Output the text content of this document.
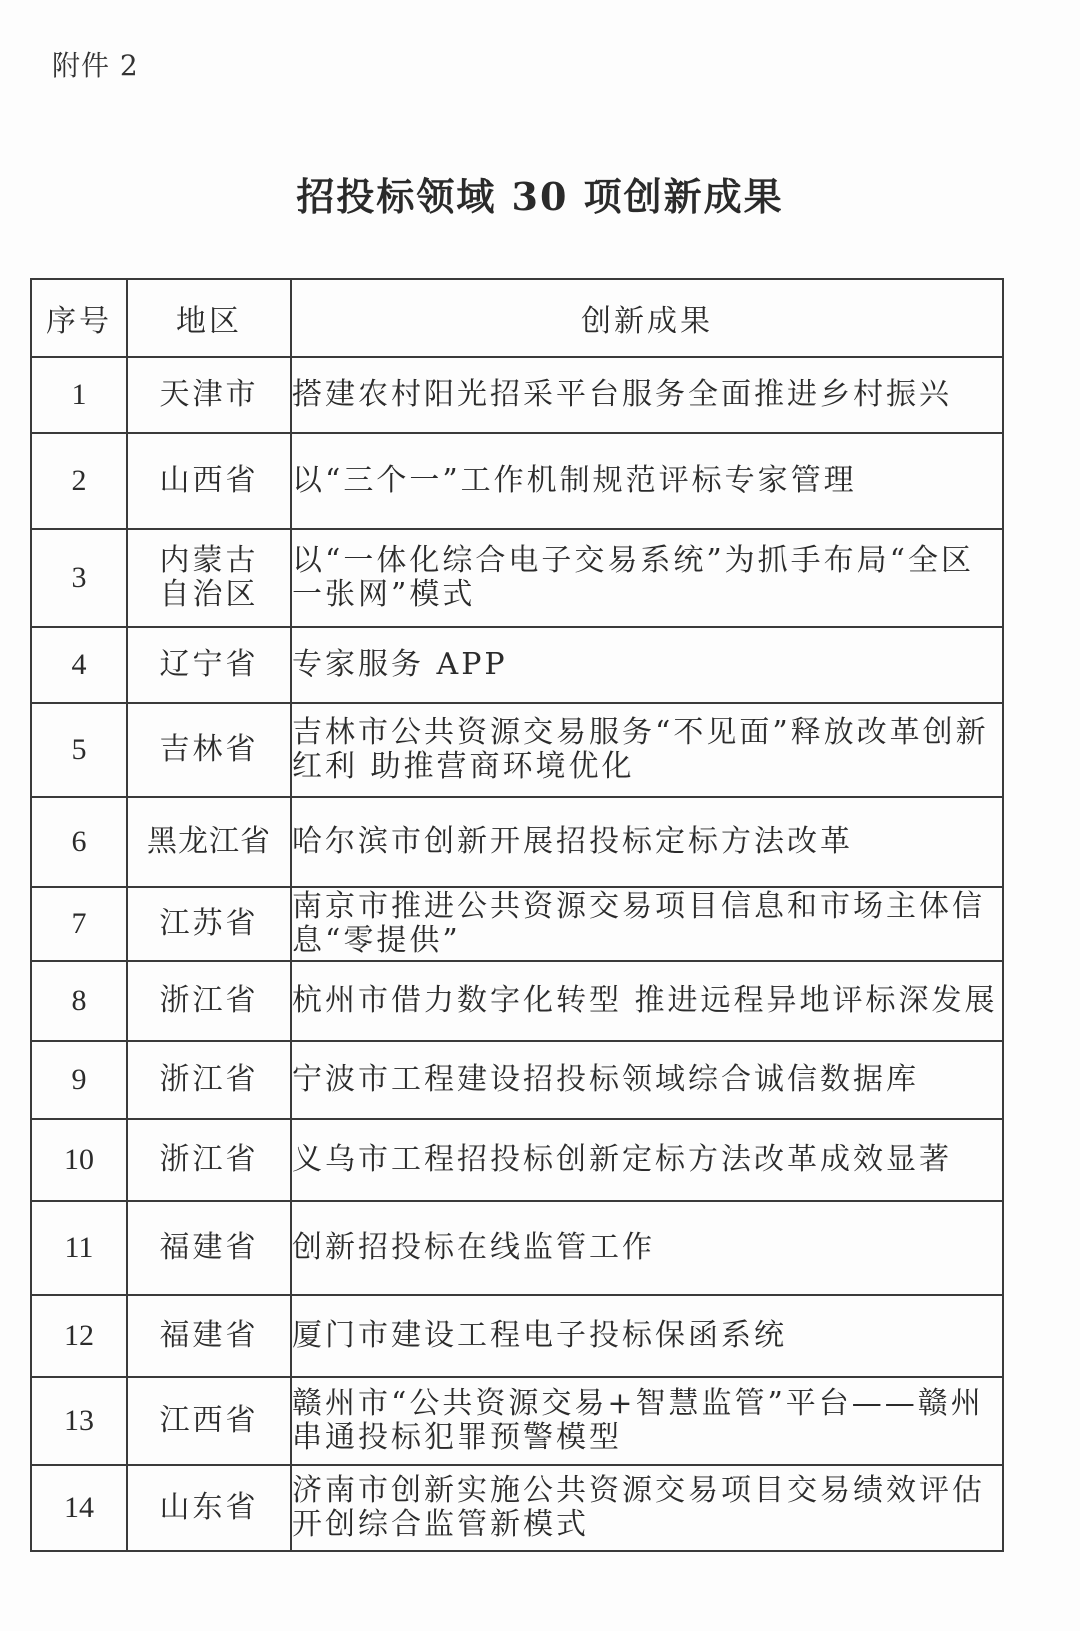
附件 2
招投标领域 30 项创新成果
序号	地区	创新成果
1	天津市	搭建农村阳光招采平台服务全面推进乡村振兴
2	山西省	以“三个一”工作机制规范评标专家管理
3	内蒙古自治区	以“一体化综合电子交易系统”为抓手布局“全区一张网”模式
4	辽宁省	专家服务 APP
5	吉林省	吉林市公共资源交易服务“不见面”释放改革创新红利 助推营商环境优化
6	黑龙江省	哈尔滨市创新开展招投标定标方法改革
7	江苏省	南京市推进公共资源交易项目信息和市场主体信息“零提供”
8	浙江省	杭州市借力数字化转型 推进远程异地评标深发展
9	浙江省	宁波市工程建设招投标领域综合诚信数据库
10	浙江省	义乌市工程招投标创新定标方法改革成效显著
11	福建省	创新招投标在线监管工作
12	福建省	厦门市建设工程电子投标保函系统
13	江西省	赣州市“公共资源交易+智慧监管”平台——赣州串通投标犯罪预警模型
14	山东省	济南市创新实施公共资源交易项目交易绩效评估 开创综合监管新模式
